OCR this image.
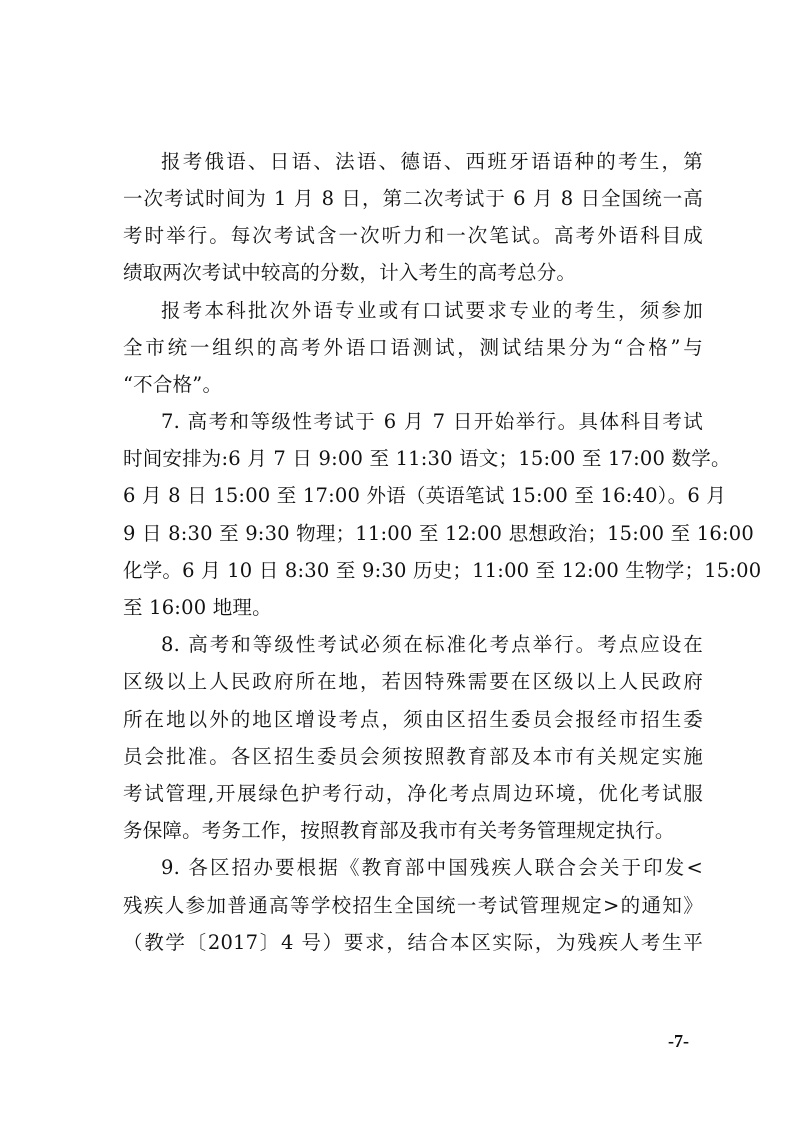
报考俄语、日语、法语、德语、西班牙语语种的考生，第
一次考试时间为 1 月 8 日，第二次考试于 6 月 8 日全国统一高
考时举行。每次考试含一次听力和一次笔试。高考外语科目成
绩取两次考试中较高的分数，计入考生的高考总分。
报考本科批次外语专业或有口试要求专业的考生，须参加
全市统一组织的高考外语口语测试，测试结果分为“合格”与
“不合格”。
7. 高考和等级性考试于 6 月 7 日开始举行。具体科目考试
时间安排为:6 月 7 日 9:00 至 11:30 语文；15:00 至 17:00 数学。
6 月 8 日 15:00 至 17:00 外语（英语笔试 15:00 至 16:40）。6 月
9 日 8:30 至 9:30 物理；11:00 至 12:00 思想政治；15:00 至 16:00
化学。6 月 10 日 8:30 至 9:30 历史；11:00 至 12:00 生物学；15:00
至 16:00 地理。
8. 高考和等级性考试必须在标准化考点举行。考点应设在
区级以上人民政府所在地，若因特殊需要在区级以上人民政府
所在地以外的地区增设考点，须由区招生委员会报经市招生委
员会批准。各区招生委员会须按照教育部及本市有关规定实施
考试管理,开展绿色护考行动，净化考点周边环境，优化考试服
务保障。考务工作，按照教育部及我市有关考务管理规定执行。
9. 各区招办要根据《教育部中国残疾人联合会关于印发<
残疾人参加普通高等学校招生全国统一考试管理规定>的通知》
（教学〔2017〕4 号）要求，结合本区实际，为残疾人考生平
-7-
